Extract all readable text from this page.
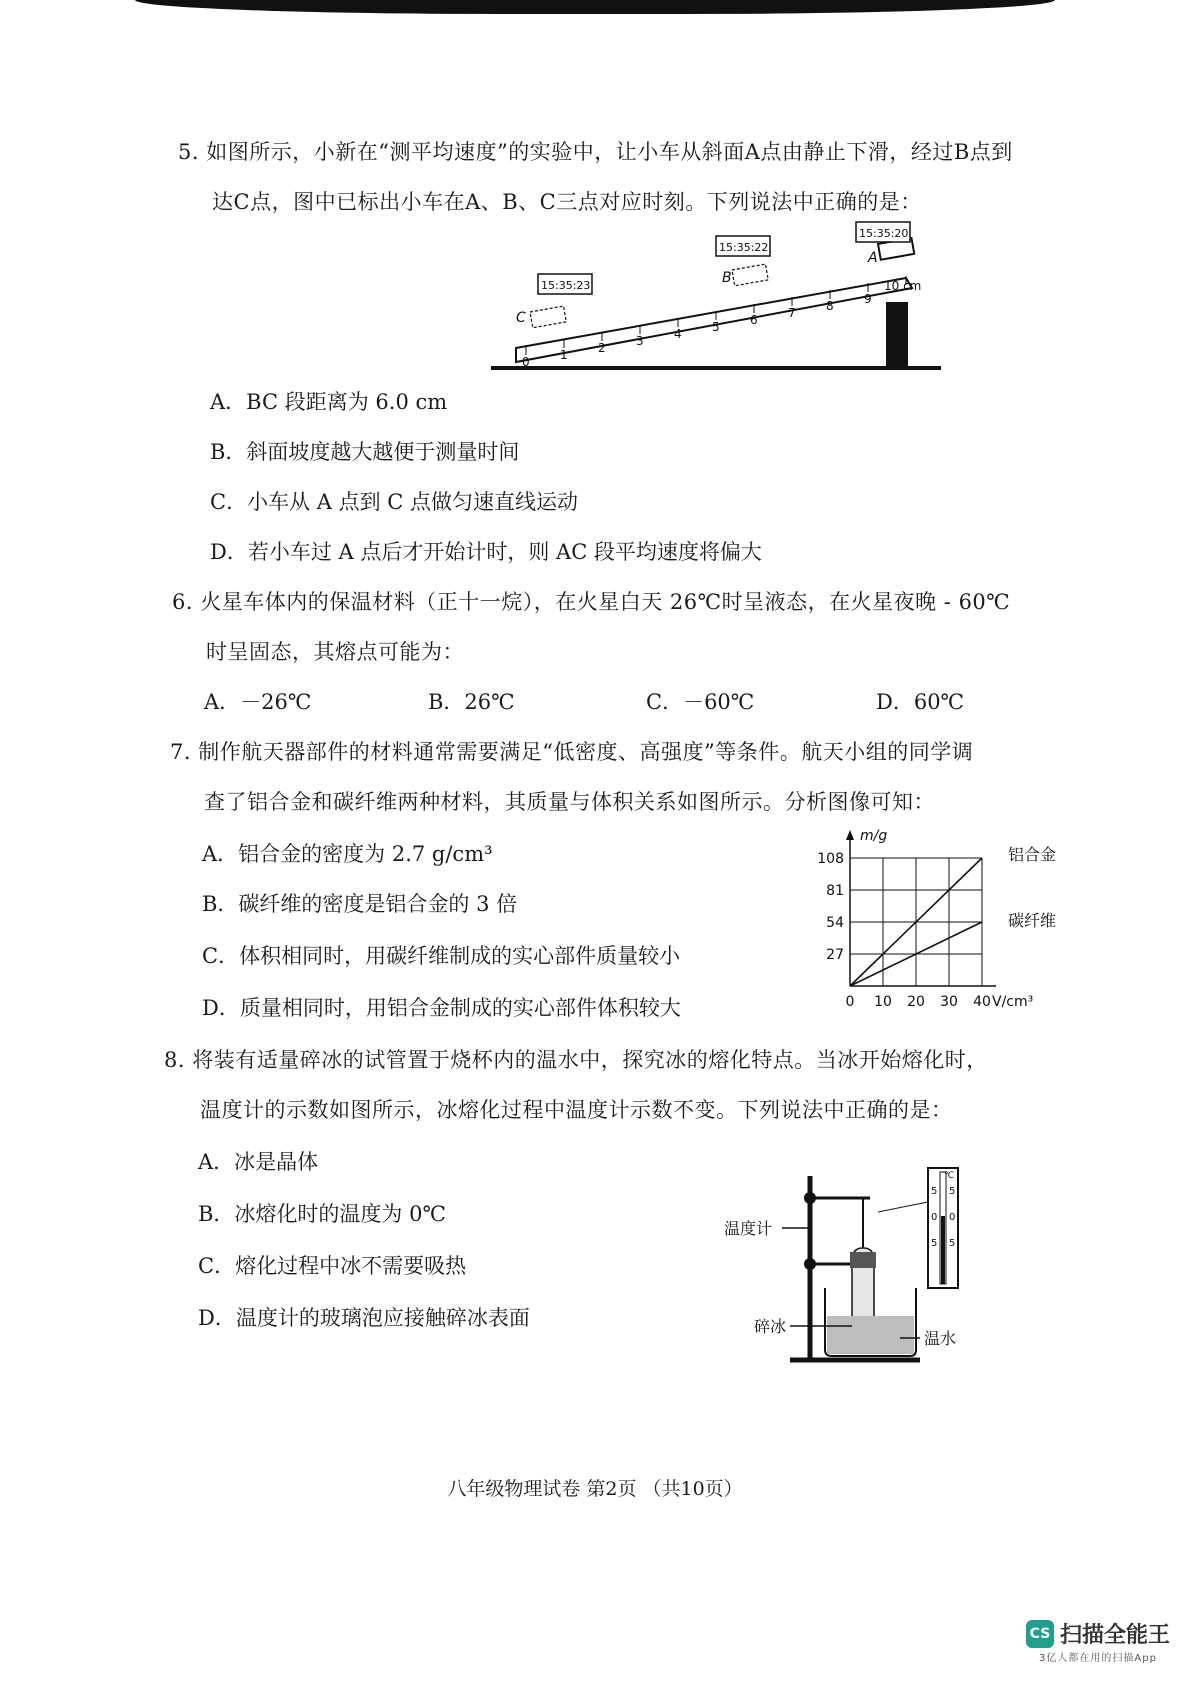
5. 如图所示，小新在“测平均速度”的实验中，让小车从斜面A点由静止下滑，经过B点到
达C点，图中已标出小车在A、B、C三点对应时刻。下列说法中正确的是：
0	1	2	3	4	5	6	7	8	9
10 cm
A
B
C
15:35:20
15:35:22
15:35:23
A．BC 段距离为 6.0 cm
B．斜面坡度越大越便于测量时间
C．小车从 A 点到 C 点做匀速直线运动
D．若小车过 A 点后才开始计时，则 AC 段平均速度将偏大
6. 火星车体内的保温材料（正十一烷），在火星白天 26℃时呈液态，在火星夜晚 - 60℃
时呈固态，其熔点可能为：
A．－26℃	B．26℃	C．－60℃	D．60℃
7. 制作航天器部件的材料通常需要满足“低密度、高强度”等条件。航天小组的同学调
查了铝合金和碳纤维两种材料，其质量与体积关系如图所示。分析图像可知：
A．铝合金的密度为 2.7 g/cm³
B．碳纤维的密度是铝合金的 3 倍
C．体积相同时，用碳纤维制成的实心部件质量较小
D．质量相同时，用铝合金制成的实心部件体积较大
27
54
81
108
0 10 20 30 40
m/g
V/cm³
铝合金
碳纤维
8. 将装有适量碎冰的试管置于烧杯内的温水中，探究冰的熔化特点。当冰开始熔化时，
温度计的示数如图所示，冰熔化过程中温度计示数不变。下列说法中正确的是：
A．冰是晶体
B．冰熔化时的温度为 0℃
C．熔化过程中冰不需要吸热
D．温度计的玻璃泡应接触碎冰表面
℃
5
0
5
5
0
5
温度计
碎冰
温水
八年级物理试卷 第2页 （共10页）
CS 扫描全能王
3亿人都在用的扫描App
